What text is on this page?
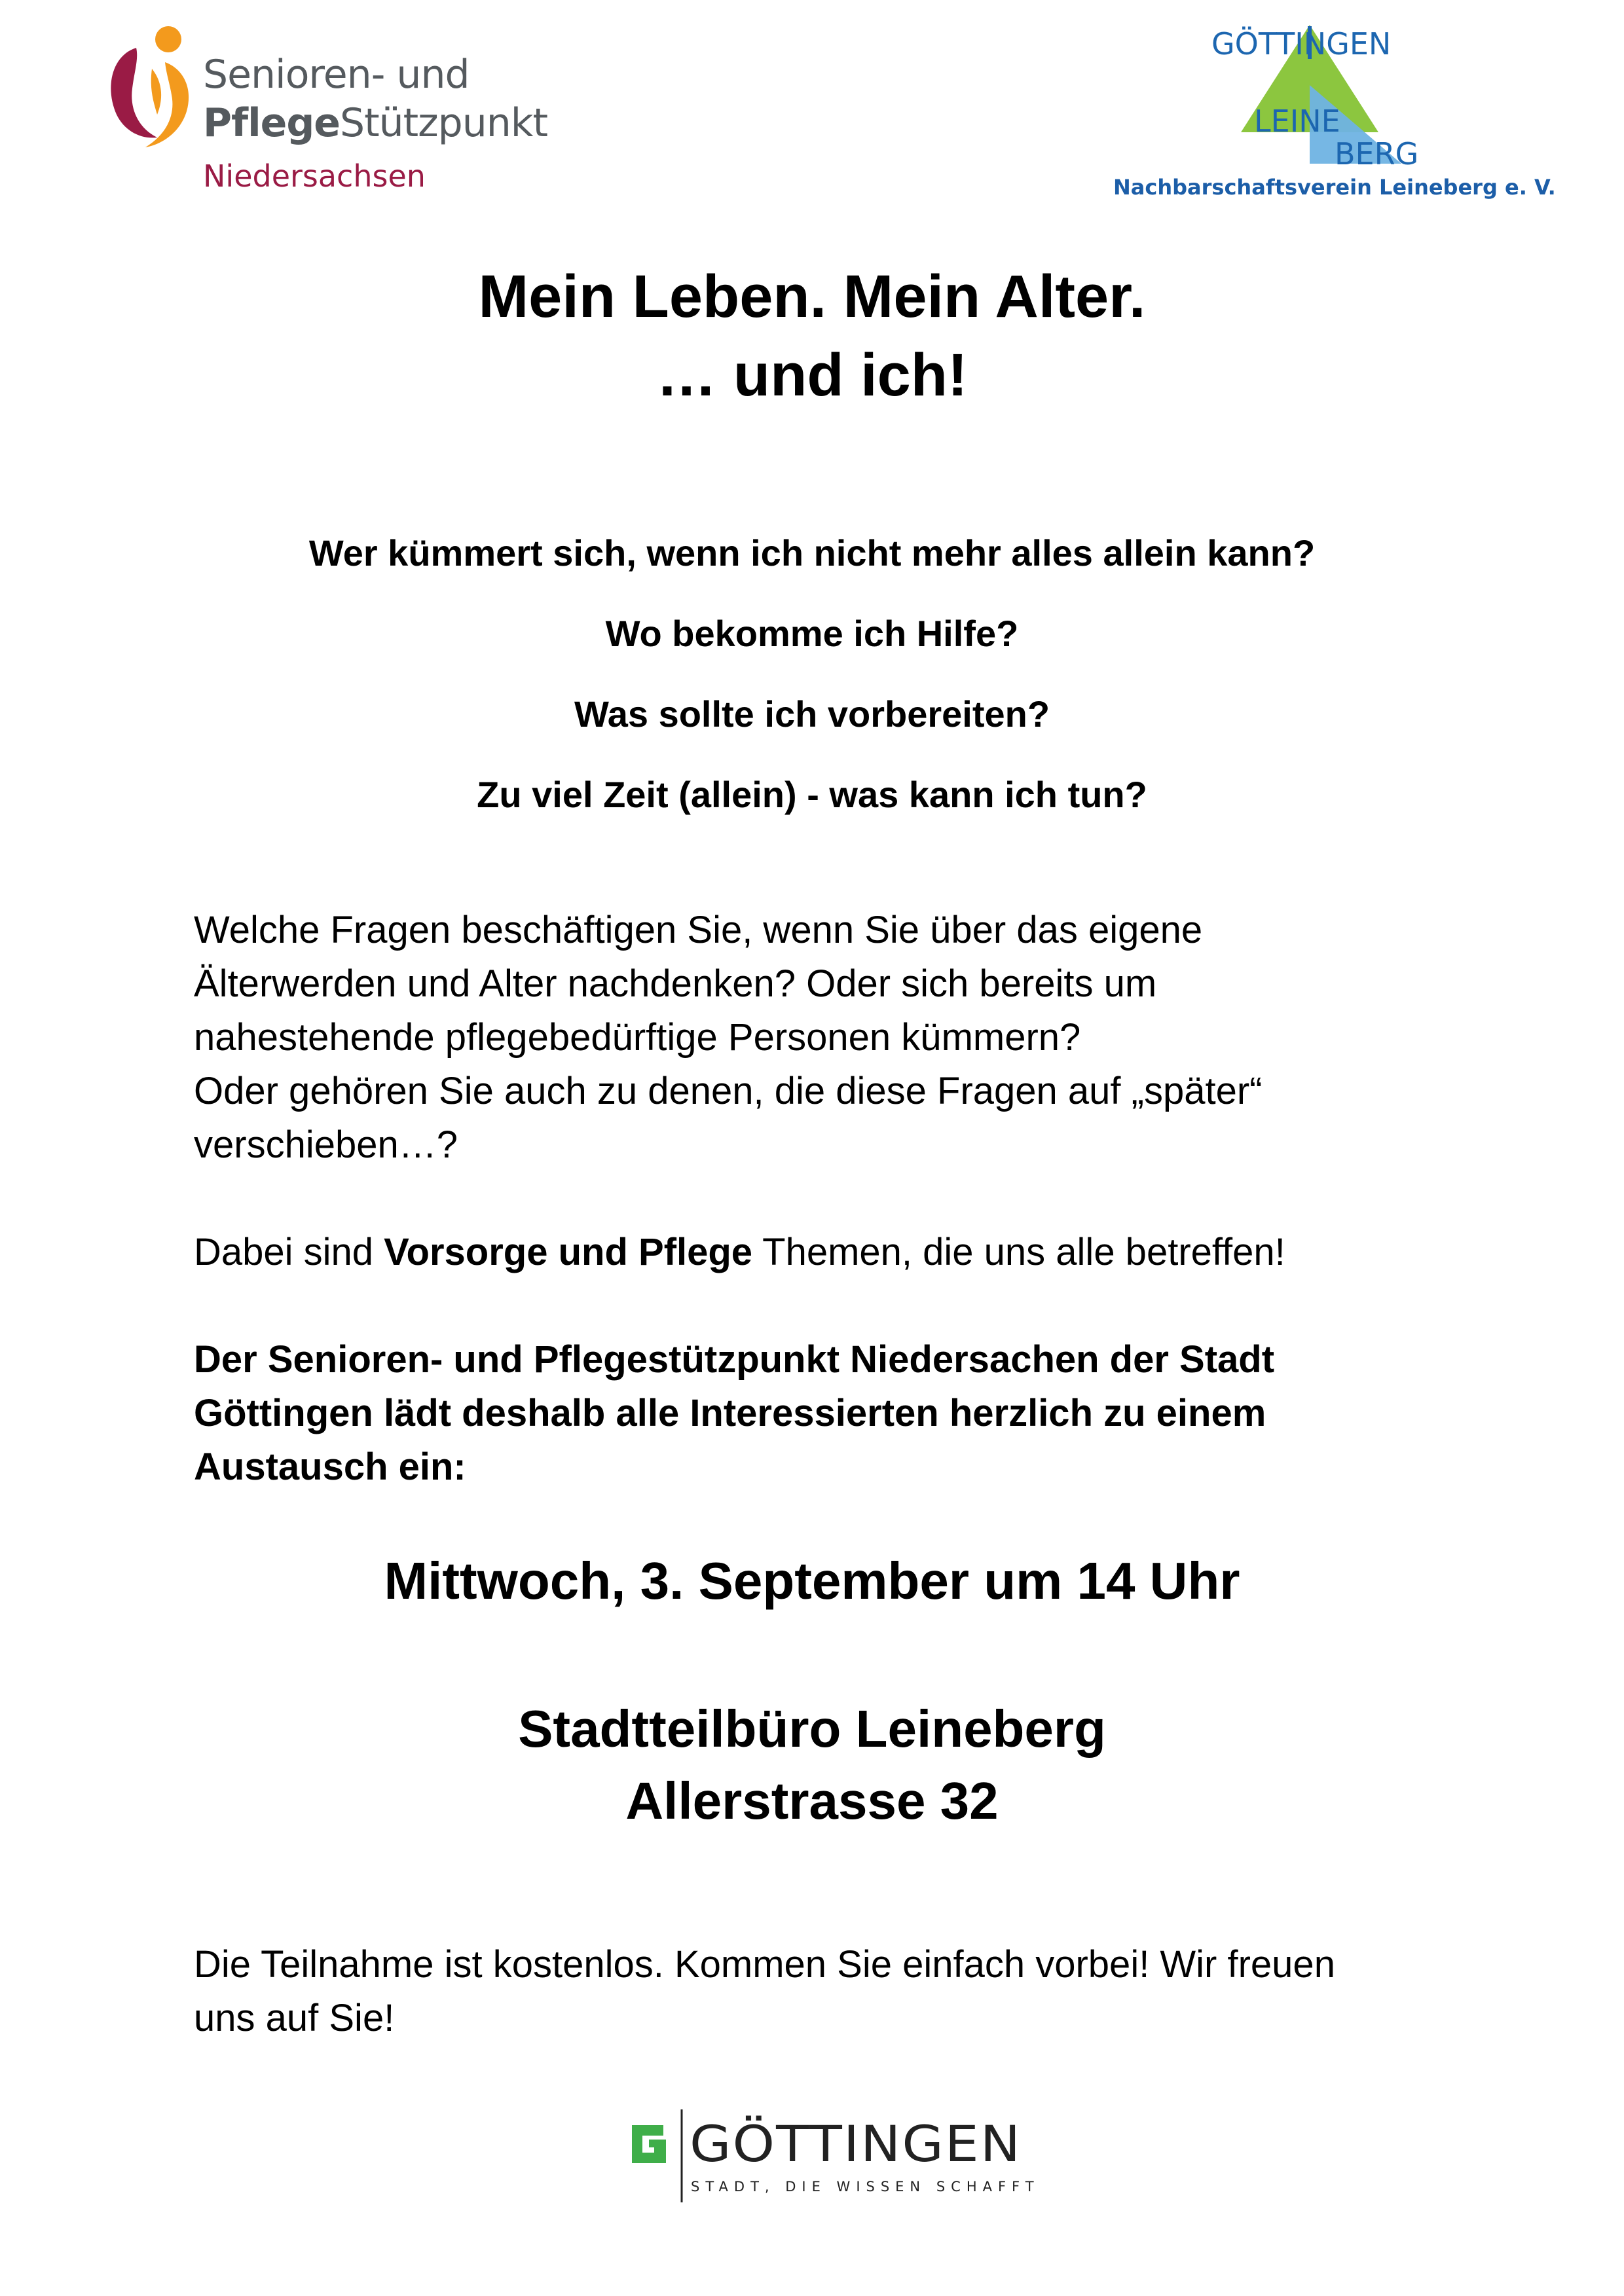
Senioren- und
PflegeStützpunkt
Niedersachsen
GÖTTINGEN
LEINE
BERG
Nachbarschaftsverein Leineberg e. V.
Mein Leben. Mein Alter.
… und ich!
Wer kümmert sich, wenn ich nicht mehr alles allein kann?
Wo bekomme ich Hilfe?
Was sollte ich vorbereiten?
Zu viel Zeit (allein) - was kann ich tun?
Welche Fragen beschäftigen Sie, wenn Sie über das eigene
Älterwerden und Alter nachdenken? Oder sich bereits um
nahestehende pflegebedürftige Personen kümmern?
Oder gehören Sie auch zu denen, die diese Fragen auf „später“
verschieben…?
Dabei sind Vorsorge und Pflege Themen, die uns alle betreffen!
Der Senioren- und Pflegestützpunkt Niedersachen der Stadt
Göttingen lädt deshalb alle Interessierten herzlich zu einem
Austausch ein:
Mittwoch, 3. September um 14 Uhr
Stadtteilbüro Leineberg
Allerstrasse 32
Die Teilnahme ist kostenlos. Kommen Sie einfach vorbei! Wir freuen
uns auf Sie!
GÖTTINGEN
STADT, DIE WISSEN SCHAFFT
